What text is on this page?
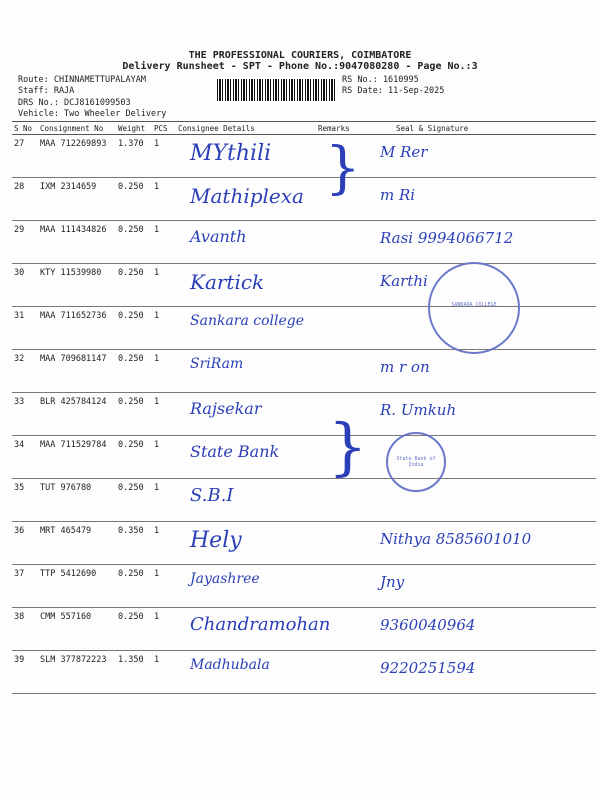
THE PROFESSIONAL COURIERS, COIMBATORE
Delivery Runsheet - SPT - Phone No.:9047080280 - Page No.:3
Route: CHINNAMETTUPALAYAM
Staff: RAJA
DRS No.: DCJ8161099503
Vehicle: Two Wheeler Delivery
RS No.: 1610995
RS Date: 11-Sep-2025
S No	Consignment No	Weight	PCS	Consignee Details	Remarks	Seal & Signature
27	MAA 712269893	1.370	1	MYthili		M Rer

28	IXM 2314659	0.250	1	Mathiplexa		m Ri

29	MAA 111434826	0.250	1	Avanth		Rasi 9994066712

30	KTY 11539980	0.250	1	Kartick		Karthi

31	MAA 711652736	0.250	1	Sankara college		

32	MAA 709681147	0.250	1	SriRam		m r on

33	BLR 425784124	0.250	1	Rajsekar		R. Umkuh

34	MAA 711529784	0.250	1	State Bank		

35	TUT 976780	0.250	1	S.B.I		

36	MRT 465479	0.350	1	Hely		Nithya 8585601010

37	TTP 5412690	0.250	1	Jayashree		Jny

38	CMM 557160	0.250	1	Chandramohan		9360040964

39	SLM 377872223	1.350	1	Madhubala		9220251594
SANKARA COLLEGE
State Bank of India
}
}
